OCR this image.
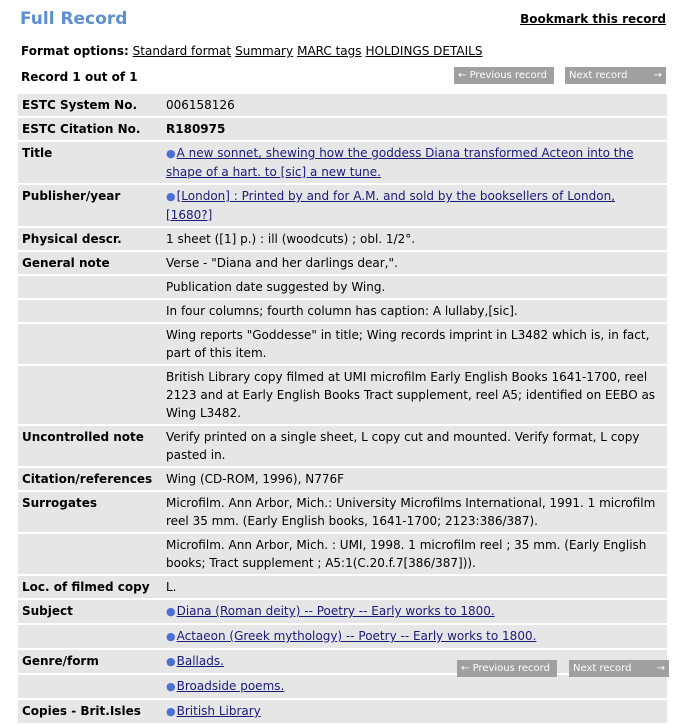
Full Record	Bookmark this record
Format options: Standard format Summary MARC tags HOLDINGS DETAILS
Record 1 out of 1	← Previous record	Next record	→
ESTC System No.	006158126
ESTC Citation No.	R180975
Title	●A new sonnet, shewing how the goddess Diana transformed Acteon into the shape of a hart. to [sic] a new tune.
Publisher/year	●[London] : Printed by and for A.M. and sold by the booksellers of London, [1680?]
Physical descr.	1 sheet ([1] p.) : ill (woodcuts) ; obl. 1/2°.
General note	Verse - "Diana and her darlings dear,".
	Publication date suggested by Wing.
	In four columns; fourth column has caption: A lullaby,[sic].
	Wing reports "Goddesse" in title; Wing records imprint in L3482 which is, in fact, part of this item.
	British Library copy filmed at UMI microfilm Early English Books 1641-1700, reel 2123 and at Early English Books Tract supplement, reel A5; identified on EEBO as Wing L3482.
Uncontrolled note	Verify printed on a single sheet, L copy cut and mounted. Verify format, L copy pasted in.
Citation/references	Wing (CD-ROM, 1996), N776F
Surrogates	Microfilm. Ann Arbor, Mich.: University Microfilms International, 1991. 1 microfilm reel 35 mm. (Early English books, 1641-1700; 2123:386/387).
	Microfilm. Ann Arbor, Mich. : UMI, 1998. 1 microfilm reel ; 35 mm. (Early English books; Tract supplement ; A5:1(C.20.f.7[386/387])).
Loc. of filmed copy	L.
Subject	●Diana (Roman deity) -- Poetry -- Early works to 1800.
	●Actaeon (Greek mythology) -- Poetry -- Early works to 1800.
Genre/form	●Ballads.
	●Broadside poems.
Copies - Brit.Isles	●British Library
← Previous record	Next record	→
